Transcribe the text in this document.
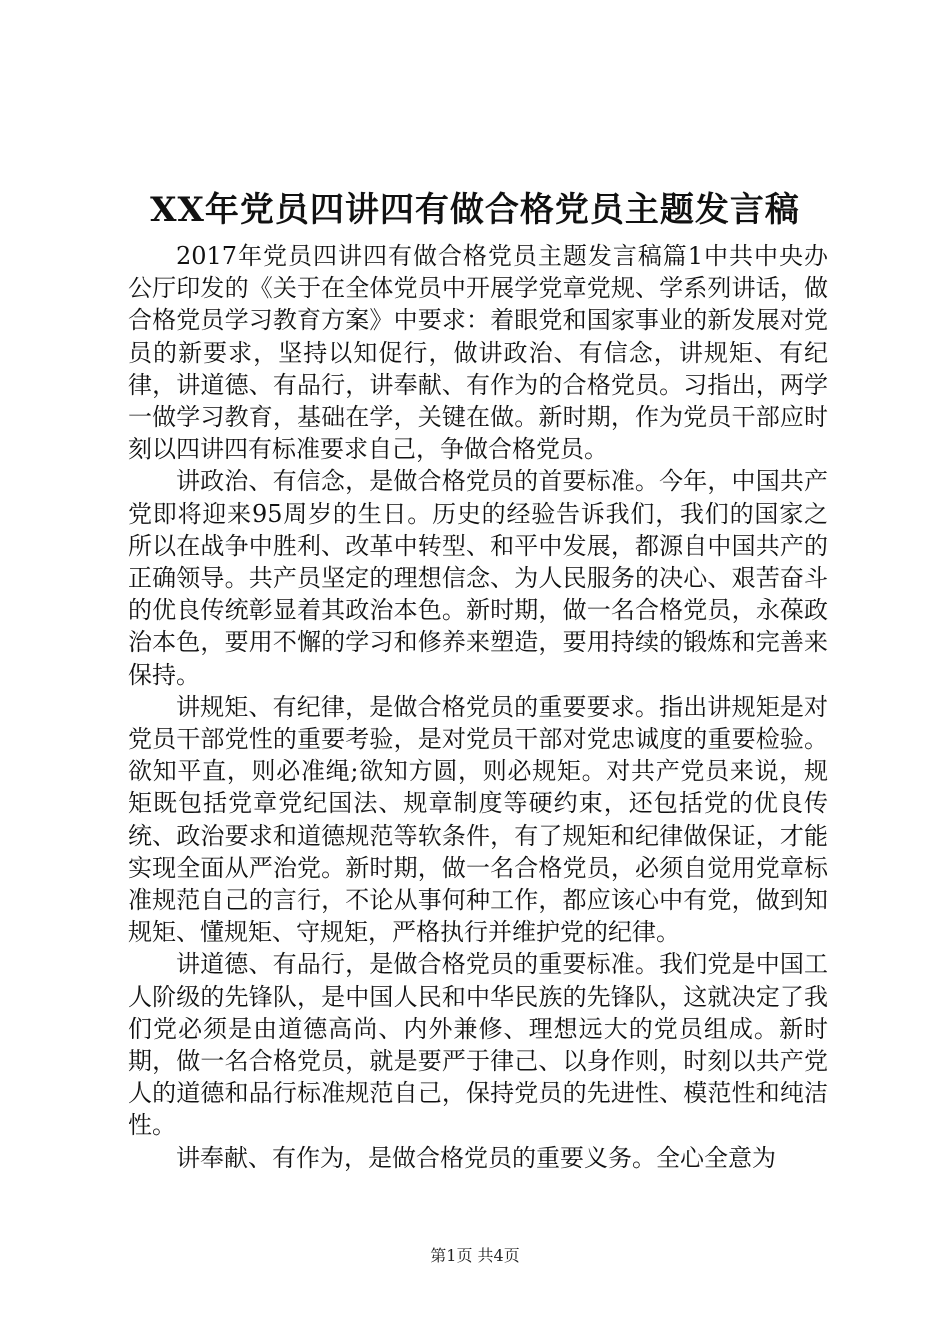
XX年党员四讲四有做合格党员主题发言稿

2017年党员四讲四有做合格党员主题发言稿篇1中共中央办公厅印发的《关于在全体党员中开展学党章党规、学系列讲话，做合格党员学习教育方案》中要求：着眼党和国家事业的新发展对党员的新要求，坚持以知促行，做讲政治、有信念，讲规矩、有纪律，讲道德、有品行，讲奉献、有作为的合格党员。习指出，两学一做学习教育，基础在学，关键在做。新时期，作为党员干部应时刻以四讲四有标准要求自己，争做合格党员。

讲政治、有信念，是做合格党员的首要标准。今年，中国共产党即将迎来95周岁的生日。历史的经验告诉我们，我们的国家之所以在战争中胜利、改革中转型、和平中发展，都源自中国共产的正确领导。共产员坚定的理想信念、为人民服务的决心、艰苦奋斗的优良传统彰显着其政治本色。新时期，做一名合格党员，永葆政治本色，要用不懈的学习和修养来塑造，要用持续的锻炼和完善来保持。

讲规矩、有纪律，是做合格党员的重要要求。指出讲规矩是对党员干部党性的重要考验，是对党员干部对党忠诚度的重要检验。欲知平直，则必准绳;欲知方圆，则必规矩。对共产党员来说，规矩既包括党章党纪国法、规章制度等硬约束，还包括党的优良传统、政治要求和道德规范等软条件，有了规矩和纪律做保证，才能实现全面从严治党。新时期，做一名合格党员，必须自觉用党章标准规范自己的言行，不论从事何种工作，都应该心中有党，做到知规矩、懂规矩、守规矩，严格执行并维护党的纪律。

讲道德、有品行，是做合格党员的重要标准。我们党是中国工人阶级的先锋队，是中国人民和中华民族的先锋队，这就决定了我们党必须是由道德高尚、内外兼修、理想远大的党员组成。新时期，做一名合格党员，就是要严于律己、以身作则，时刻以共产党人的道德和品行标准规范自己，保持党员的先进性、模范性和纯洁性。

讲奉献、有作为，是做合格党员的重要义务。全心全意为

第1页 共4页
